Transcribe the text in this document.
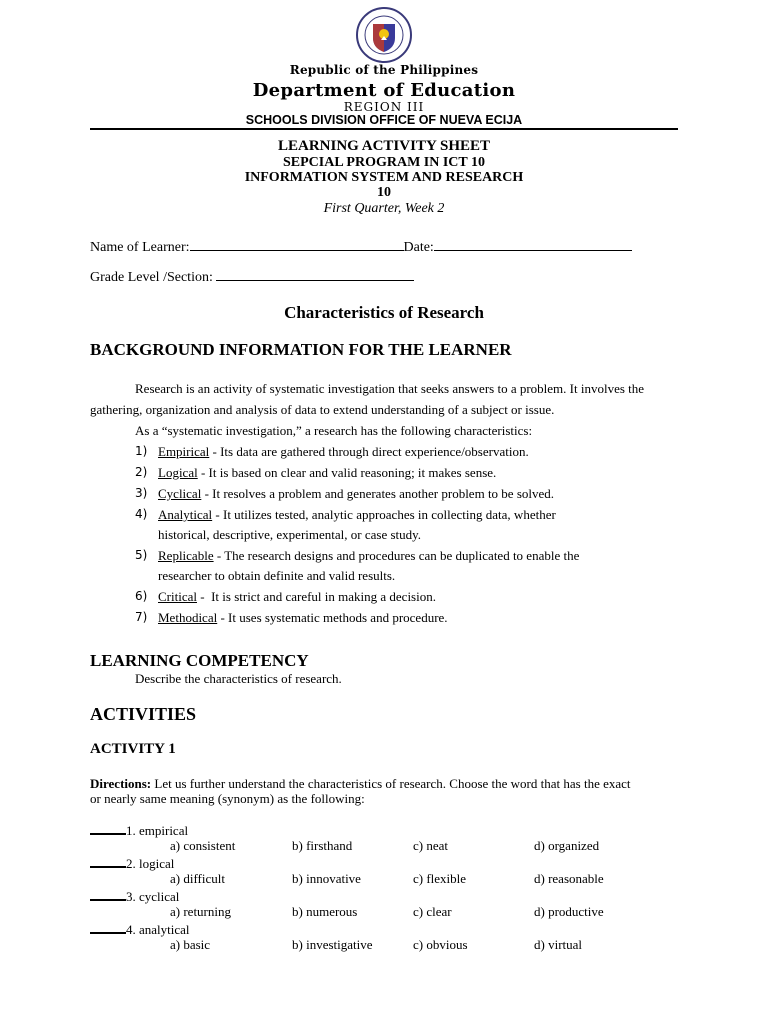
Republic of the Philippines
Department of Education
REGION III
SCHOOLS DIVISION OFFICE OF NUEVA ECIJA
LEARNING ACTIVITY SHEET
SEPCIAL PROGRAM IN ICT 10
INFORMATION SYSTEM AND RESEARCH
10
First Quarter, Week 2
Name of Learner:	Date:
Grade Level /Section:
Characteristics of Research
BACKGROUND INFORMATION FOR THE LEARNER
Research is an activity of systematic investigation that seeks answers to a problem. It involves the
gathering, organization and analysis of data to extend understanding of a subject or issue.
As a “systematic investigation,” a research has the following characteristics:
1) Empirical - Its data are gathered through direct experience/observation.
2) Logical - It is based on clear and valid reasoning; it makes sense.
3) Cyclical - It resolves a problem and generates another problem to be solved.
4) Analytical - It utilizes tested, analytic approaches in collecting data, whether
historical, descriptive, experimental, or case study.
5) Replicable - The research designs and procedures can be duplicated to enable the
researcher to obtain definite and valid results.
6) Critical -  It is strict and careful in making a decision.
7) Methodical - It uses systematic methods and procedure.
LEARNING COMPETENCY
Describe the characteristics of research.
ACTIVITIES
ACTIVITY 1
Directions: Let us further understand the characteristics of research. Choose the word that has the exact
or nearly same meaning (synonym) as the following:
1. empirical
a) consistent	b) firsthand	c) neat	d) organized
2. logical
a) difficult	b) innovative	c) flexible	d) reasonable
3. cyclical
a) returning	b) numerous	c) clear	d) productive
4. analytical
a) basic	b) investigative	c) obvious	d) virtual
